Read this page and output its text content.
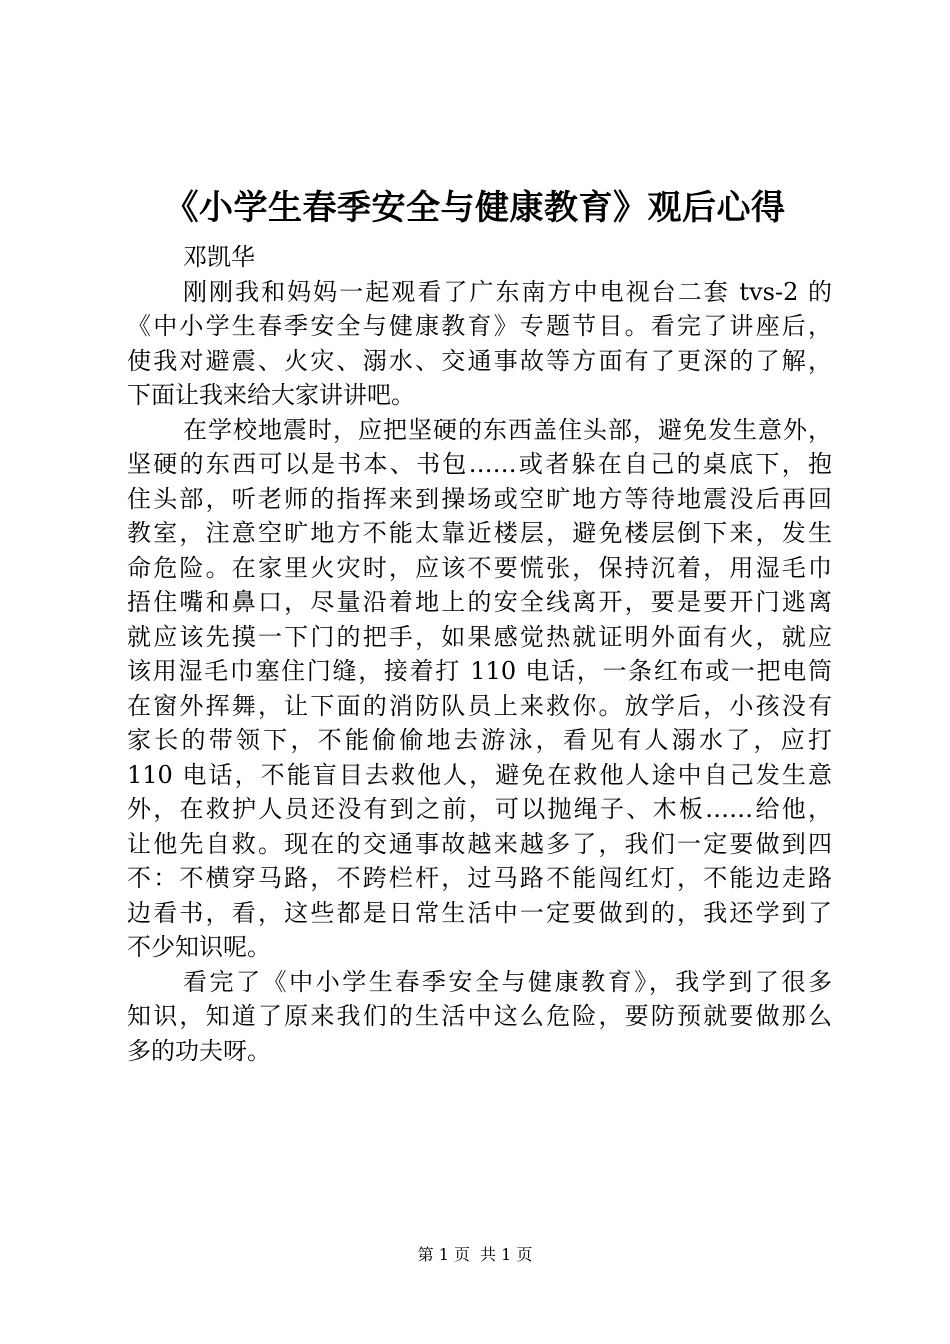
《小学生春季安全与健康教育》观后心得
邓凯华
刚刚我和妈妈一起观看了广东南方中电视台二套 tvs-2 的
《中小学生春季安全与健康教育》专题节目。看完了讲座后，
使我对避震、火灾、溺水、交通事故等方面有了更深的了解，
下面让我来给大家讲讲吧。
在学校地震时，应把坚硬的东西盖住头部，避免发生意外，
坚硬的东西可以是书本、书包……或者躲在自己的桌底下，抱
住头部，听老师的指挥来到操场或空旷地方等待地震没后再回
教室，注意空旷地方不能太靠近楼层，避免楼层倒下来，发生
命危险。在家里火灾时，应该不要慌张，保持沉着，用湿毛巾
捂住嘴和鼻口，尽量沿着地上的安全线离开，要是要开门逃离
就应该先摸一下门的把手，如果感觉热就证明外面有火，就应
该用湿毛巾塞住门缝，接着打 110 电话，一条红布或一把电筒
在窗外挥舞，让下面的消防队员上来救你。放学后，小孩没有
家长的带领下，不能偷偷地去游泳，看见有人溺水了，应打
110 电话，不能盲目去救他人，避免在救他人途中自己发生意
外，在救护人员还没有到之前，可以抛绳子、木板……给他，
让他先自救。现在的交通事故越来越多了，我们一定要做到四
不：不横穿马路，不跨栏杆，过马路不能闯红灯，不能边走路
边看书，看，这些都是日常生活中一定要做到的，我还学到了
不少知识呢。
看完了《中小学生春季安全与健康教育》，我学到了很多
知识，知道了原来我们的生活中这么危险，要防预就要做那么
多的功夫呀。
第 1 页 共 1 页
